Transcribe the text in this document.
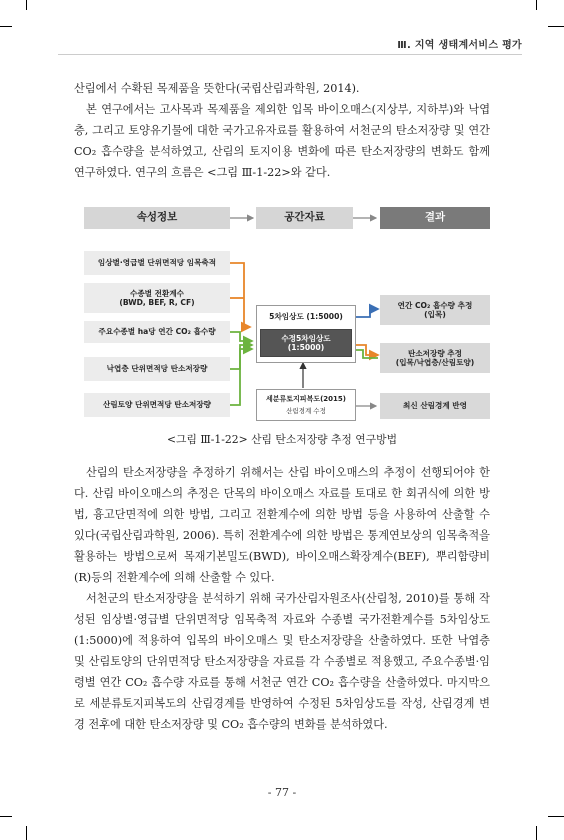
Ⅲ. 지역 생태계서비스 평가

산림에서 수확된 목제품을 뜻한다(국립산림과학원, 2014).

본 연구에서는 고사목과 목제품을 제외한 입목 바이오매스(지상부, 지하부)와 낙엽층, 그리고 토양유기물에 대한 국가고유자료를 활용하여 서천군의 탄소저장량 및 연간 CO₂ 흡수량을 분석하였고, 산림의 토지이용 변화에 따른 탄소저장량의 변화도 함께 연구하였다. 연구의 흐름은 <그림 Ⅲ-1-22>와 같다.

속성정보	공간자료	결과
임상별·영급별 단위면적당 임목축적
수종별 전환계수
(BWD, BEF, R, CF)
주요수종별 ha당 연간 CO₂ 흡수량
낙엽층 단위면적당 탄소저장량
산림토양 단위면적당 탄소저장량
5차임상도 (1:5000)
수정5차임상도
(1:5000)
세분류토지피복도(2015)
산림경계 수정
연간 CO₂ 흡수량 추정
(입목)
탄소저장량 추정
(입목/낙엽층/산림토양)
최신 산림경계 반영
<그림 Ⅲ-1-22> 산림 탄소저장량 추정 연구방법

산림의 탄소저장량을 추정하기 위해서는 산림 바이오매스의 추정이 선행되어야 한다. 산림 바이오매스의 추정은 단목의 바이오매스 자료를 토대로 한 회귀식에 의한 방법, 흉고단면적에 의한 방법, 그리고 전환계수에 의한 방법 등을 사용하여 산출할 수 있다(국립산림과학원, 2006). 특히 전환계수에 의한 방법은 통계연보상의 임목축적을 활용하는 방법으로써 목재기본밀도(BWD), 바이오매스확장계수(BEF), 뿌리함량비(R)등의 전환계수에 의해 산출할 수 있다.

서천군의 탄소저장량을 분석하기 위해 국가산림자원조사(산림청, 2010)를 통해 작성된 임상별·영급별 단위면적당 임목축적 자료와 수종별 국가전환계수를 5차임상도(1:5000)에 적용하여 입목의 바이오매스 및 탄소저장량을 산출하였다. 또한 낙엽층 및 산림토양의 단위면적당 탄소저장량을 자료를 각 수종별로 적용했고, 주요수종별·임령별 연간 CO₂ 흡수량 자료를 통해 서천군 연간 CO₂ 흡수량을 산출하였다. 마지막으로 세분류토지피복도의 산림경계를 반영하여 수정된 5차임상도를 작성, 산림경계 변경 전후에 대한 탄소저장량 및 CO₂ 흡수량의 변화를 분석하였다.

- 77 -
